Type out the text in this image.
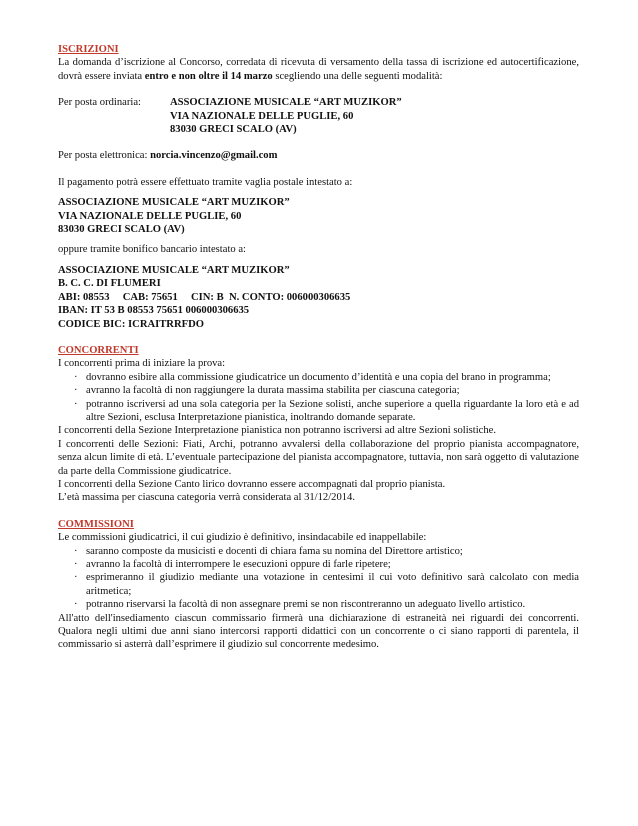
ISCRIZIONI

La domanda d’iscrizione al Concorso, corredata di ricevuta di versamento della tassa di iscrizione ed autocertificazione, dovrà essere inviata entro e non oltre il 14 marzo scegliendo una delle seguenti modalità:

Per posta ordinaria:	ASSOCIAZIONE MUSICALE “ART MUZIKOR”
VIA NAZIONALE DELLE PUGLIE, 60
83030 GRECI SCALO (AV)

Per posta elettronica: norcia.vincenzo@gmail.com

Il pagamento potrà essere effettuato tramite vaglia postale intestato a:

ASSOCIAZIONE MUSICALE “ART MUZIKOR”
VIA NAZIONALE DELLE PUGLIE, 60
83030 GRECI SCALO (AV)

oppure tramite bonifico bancario intestato a:

ASSOCIAZIONE MUSICALE “ART MUZIKOR”
B. C. C. DI FLUMERI
ABI: 08553     CAB: 75651     CIN: B  N. CONTO: 006000306635
IBAN: IT 53 B 08553 75651 006000306635
CODICE BIC: ICRAITRRFDO

CONCORRENTI

I concorrenti prima di iniziare la prova:

· dovranno esibire alla commissione giudicatrice un documento d’identità e una copia del brano in programma;
· avranno la facoltà di non raggiungere la durata massima stabilita per ciascuna categoria;
· potranno iscriversi ad una sola categoria per la Sezione solisti, anche superiore a quella riguardante la loro età e ad altre Sezioni, esclusa Interpretazione pianistica, inoltrando domande separate.

I concorrenti della Sezione Interpretazione pianistica non potranno iscriversi ad altre Sezioni solistiche.

I concorrenti delle Sezioni: Fiati, Archi, potranno avvalersi della collaborazione del proprio pianista accompagnatore, senza alcun limite di età. L’eventuale partecipazione del pianista accompagnatore, tuttavia, non sarà oggetto di valutazione da parte della Commissione giudicatrice.

I concorrenti della Sezione Canto lirico dovranno essere accompagnati dal proprio pianista.

L’età massima per ciascuna categoria verrà considerata al 31/12/2014.

COMMISSIONI

Le commissioni giudicatrici, il cui giudizio è definitivo, insindacabile ed inappellabile:

· saranno composte da musicisti e docenti di chiara fama su nomina del Direttore artistico;
· avranno la facoltà di interrompere le esecuzioni oppure di farle ripetere;
· esprimeranno il giudizio mediante una votazione in centesimi il cui voto definitivo sarà calcolato con media aritmetica;
· potranno riservarsi la facoltà di non assegnare premi se non riscontreranno un adeguato livello artistico.

All'atto dell'insediamento ciascun commissario firmerà una dichiarazione di estraneità nei riguardi dei concorrenti. Qualora negli ultimi due anni siano intercorsi rapporti didattici con un concorrente o ci siano rapporti di parentela, il commissario si asterrà dall’esprimere il giudizio sul concorrente medesimo.
